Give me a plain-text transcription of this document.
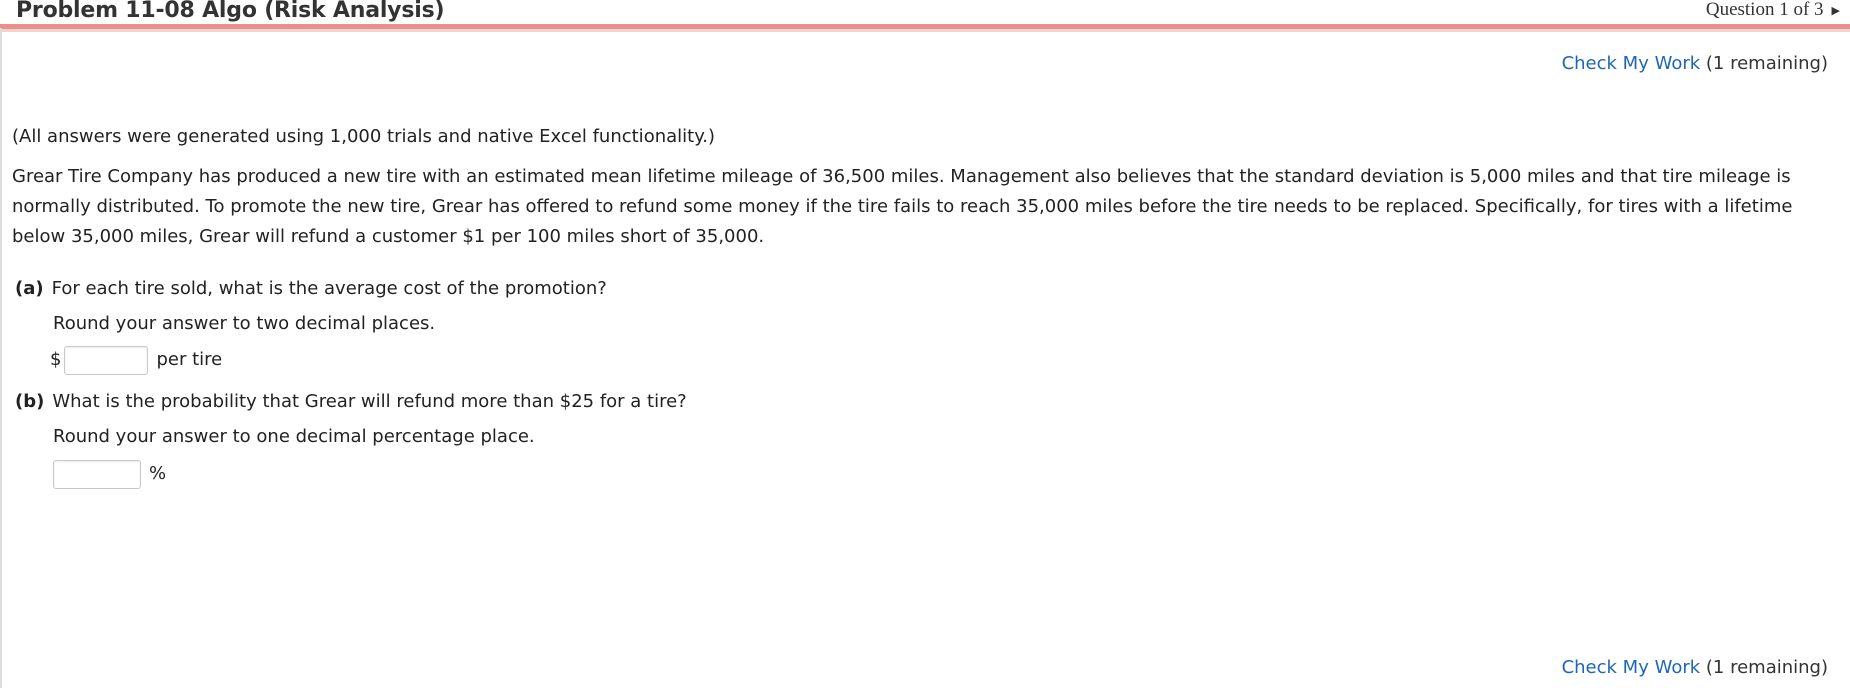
Problem 11-08 Algo (Risk Analysis)	Question 1 of 3 ▶
Check My Work (1 remaining)

(All answers were generated using 1,000 trials and native Excel functionality.)

Grear Tire Company has produced a new tire with an estimated mean lifetime mileage of 36,500 miles. Management also believes that the standard deviation is 5,000 miles and that tire mileage is normally distributed. To promote the new tire, Grear has offered to refund some money if the tire fails to reach 35,000 miles before the tire needs to be replaced. Specifically, for tires with a lifetime below 35,000 miles, Grear will refund a customer $1 per 100 miles short of 35,000.

(a) For each tire sold, what is the average cost of the promotion?
Round your answer to two decimal places.
$	per tire
(b) What is the probability that Grear will refund more than $25 for a tire?
Round your answer to one decimal percentage place.
%
Check My Work (1 remaining)
